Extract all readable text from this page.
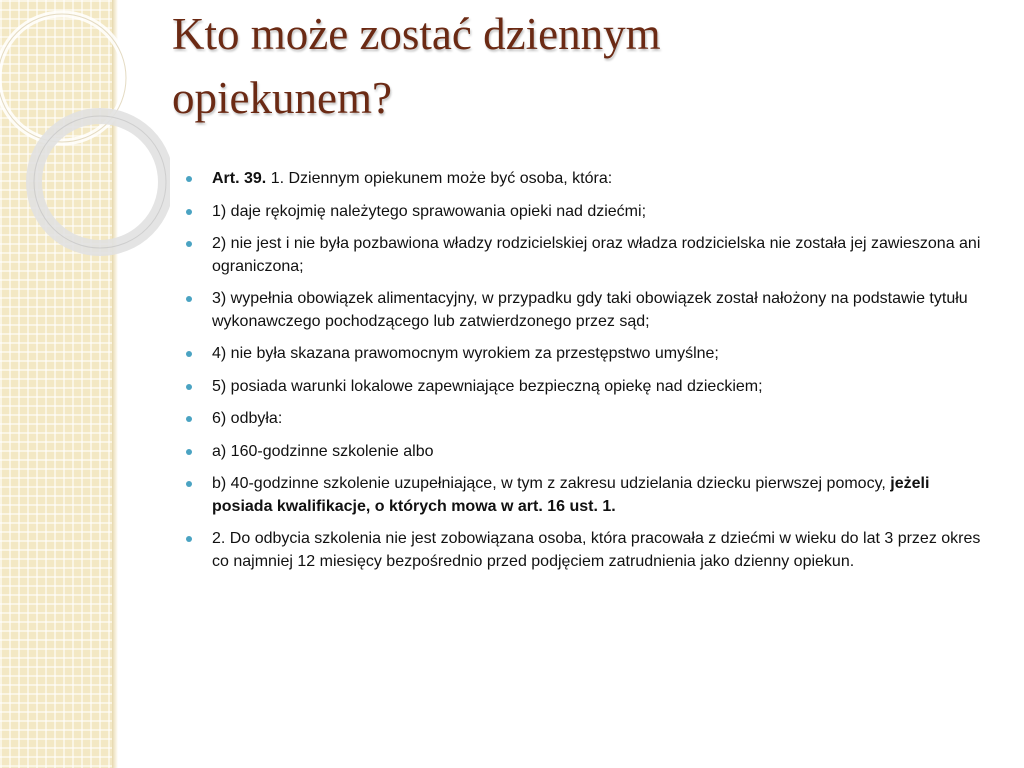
Kto może zostać dziennym
opiekunem?
Art. 39. 1. Dziennym opiekunem może być osoba, która:
1) daje rękojmię należytego sprawowania opieki nad dziećmi;
2) nie jest i nie była pozbawiona władzy rodzicielskiej oraz władza rodzicielska nie została jej zawieszona ani ograniczona;
3) wypełnia obowiązek alimentacyjny, w przypadku gdy taki obowiązek został nałożony na podstawie tytułu wykonawczego pochodzącego lub zatwierdzonego przez sąd;
4) nie była skazana prawomocnym wyrokiem za przestępstwo umyślne;
5) posiada warunki lokalowe zapewniające bezpieczną opiekę nad dzieckiem;
6) odbyła:
a) 160-godzinne szkolenie albo
b) 40-godzinne szkolenie uzupełniające, w tym z zakresu udzielania dziecku pierwszej pomocy, jeżeli posiada kwalifikacje, o których mowa w art. 16 ust. 1.
2. Do odbycia szkolenia nie jest zobowiązana osoba, która pracowała z dziećmi w wieku do lat 3 przez okres co najmniej 12 miesięcy bezpośrednio przed podjęciem zatrudnienia jako dzienny opiekun.
